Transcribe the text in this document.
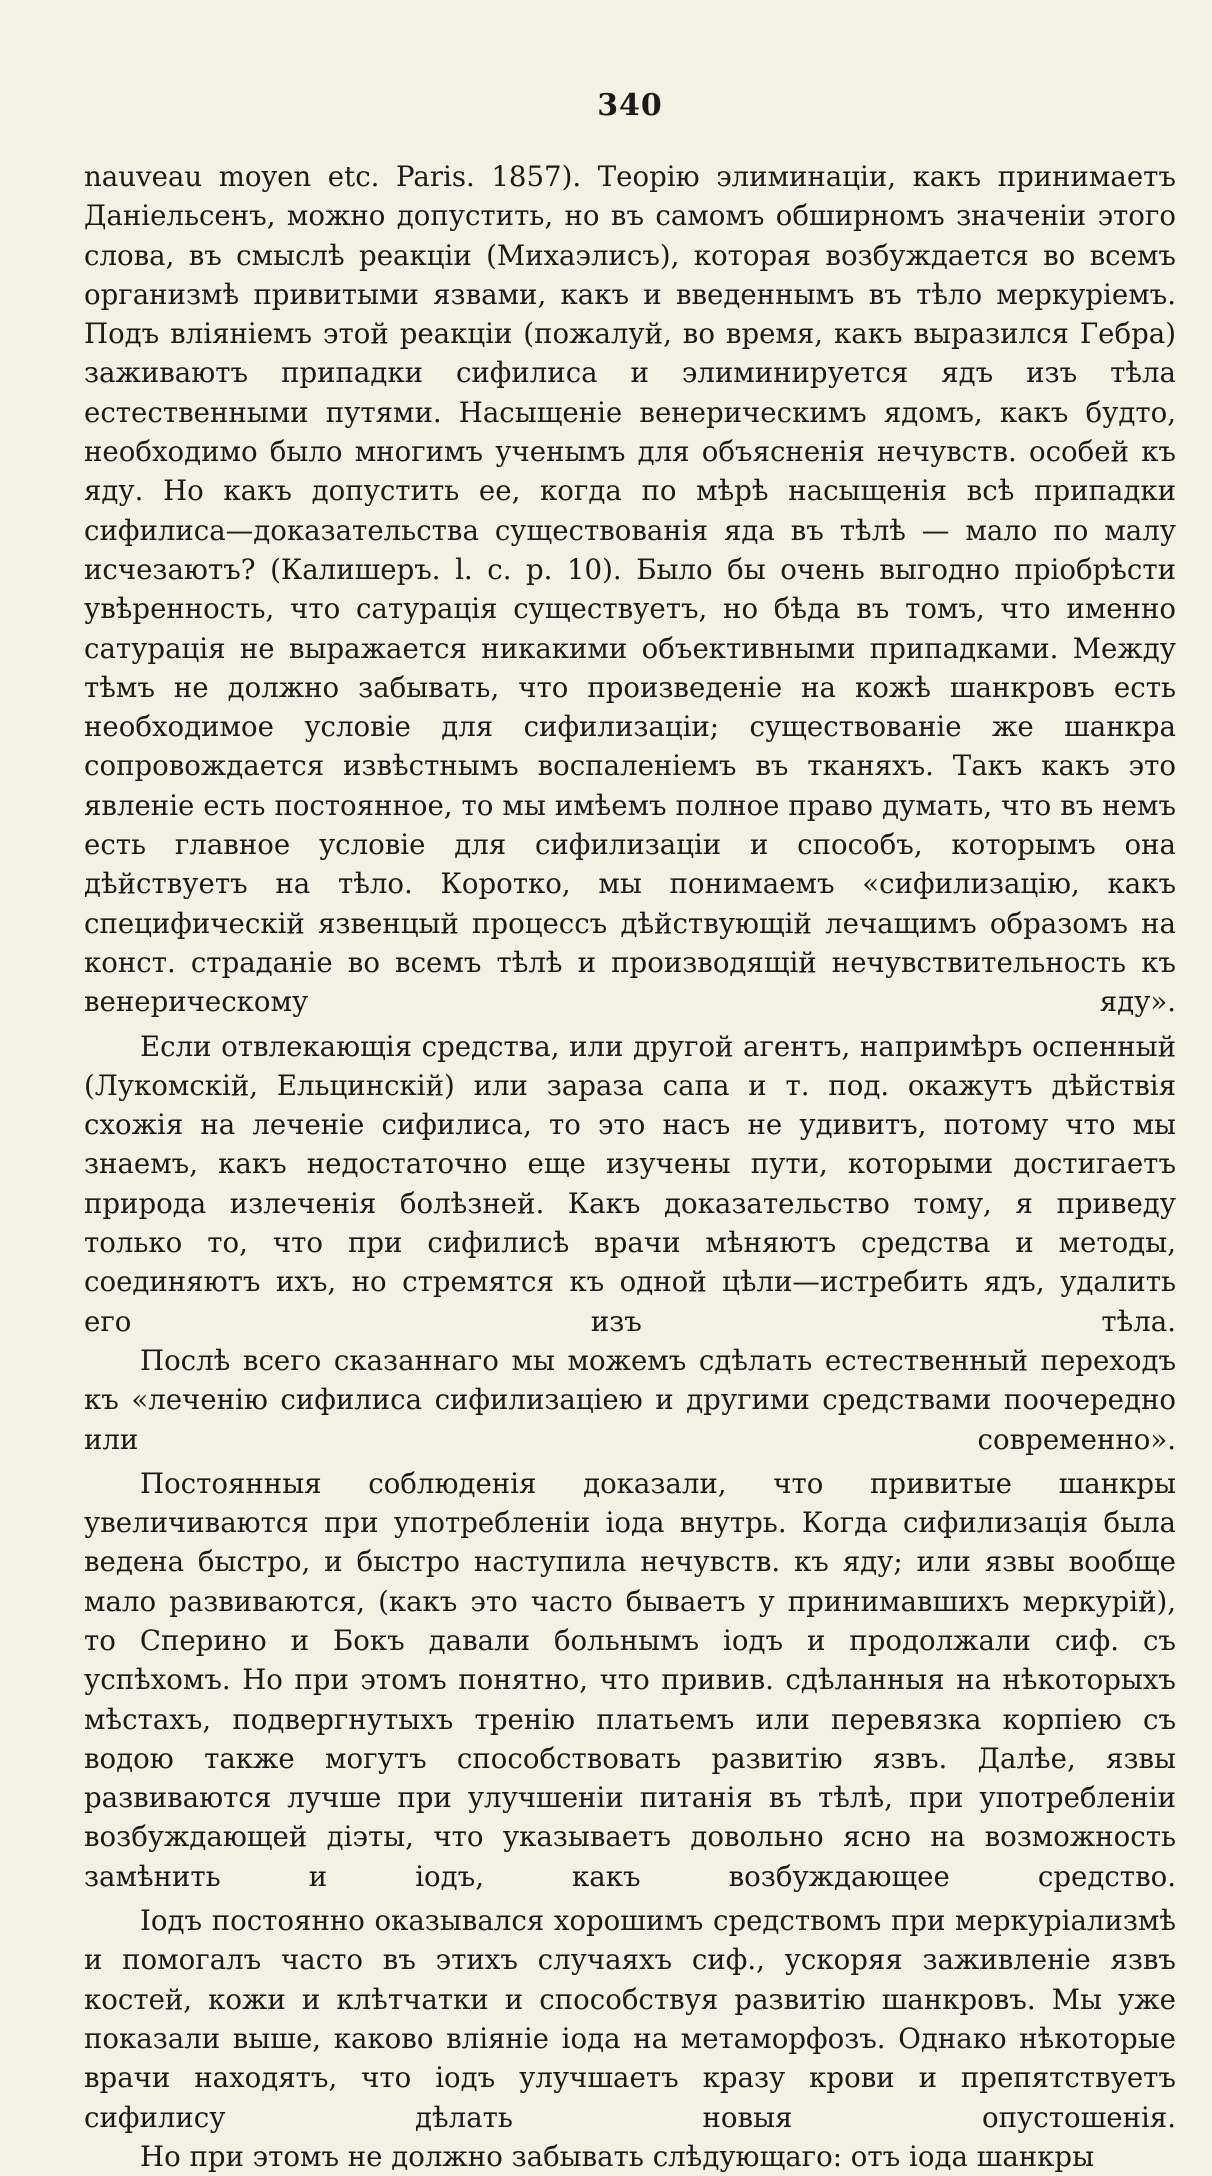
340

nauveau moyen etc. Paris. 1857). Теорію элиминаціи, какъ принимаетъ Даніельсенъ, можно допустить, но въ самомъ обширномъ значеніи этого слова, въ смыслѣ реакціи (Михаэлисъ), которая возбуждается во всемъ организмѣ привитыми язвами, какъ и введеннымъ въ тѣло меркуріемъ. Подъ вліяніемъ этой реакціи (пожалуй, во время, какъ выразился Гебра) заживаютъ припадки сифилиса и элиминируется ядъ изъ тѣла естественными путями. Насыщеніе венерическимъ ядомъ, какъ будто, необходимо было многимъ ученымъ для объясненія нечувств. особей къ яду. Но какъ допустить ее, когда по мѣрѣ насыщенія всѣ припадки сифилиса—доказательства существованія яда въ тѣлѣ — мало по малу исчезаютъ? (Калишеръ. l. c. p. 10). Было бы очень выгодно пріобрѣсти увѣренность, что сатурація существуетъ, но бѣда въ томъ, что именно сатурація не выражается никакими объективными припадками. Между тѣмъ не должно забывать, что произведеніе на кожѣ шанкровъ есть необходимое условіе для сифилизаціи; существованіе же шанкра сопровождается извѣстнымъ воспаленіемъ въ тканяхъ. Такъ какъ это явленіе есть постоянное, то мы имѣемъ полное право думать, что въ немъ есть главное условіе для сифилизаціи и способъ, которымъ она дѣйствуетъ на тѣло. Коротко, мы понимаемъ «сифилизацію, какъ специфическій язвенцый процессъ дѣйствующій лечащимъ образомъ на конст. страданіе во всемъ тѣлѣ и производящій нечувствительность къ венерическому яду».

Если отвлекающія средства, или другой агентъ, напримѣръ оспенный (Лукомскій, Ельцинскій) или зараза сапа и т. под. окажутъ дѣйствія схожія на леченіе сифилиса, то это насъ не удивитъ, потому что мы знаемъ, какъ недостаточно еще изучены пути, которыми достигаетъ природа излеченія болѣзней. Какъ доказательство тому, я приведу только то, что при сифилисѣ врачи мѣняютъ средства и методы, соединяютъ ихъ, но стремятся къ одной цѣли—истребить ядъ, удалить его изъ тѣла.

Послѣ всего сказаннаго мы можемъ сдѣлать естественный переходъ къ «леченію сифилиса сифилизаціею и другими средствами поочередно или современно».

Постоянныя соблюденія доказали, что привитые шанкры увеличиваются при употребленіи іода внутрь. Когда сифилизація была ведена быстро, и быстро наступила нечувств. къ яду; или язвы вообще мало развиваются, (какъ это часто бываетъ у принимавшихъ меркурій), то Сперино и Бокъ давали больнымъ іодъ и продолжали сиф. съ успѣхомъ. Но при этомъ понятно, что привив. сдѣланныя на нѣкоторыхъ мѣстахъ, подвергнутыхъ тренію платьемъ или перевязка корпіею съ водою также могутъ способствовать развитію язвъ. Далѣе, язвы развиваются лучше при улучшеніи питанія въ тѣлѣ, при употребленіи возбуждающей діэты, что указываетъ довольно ясно на возможность замѣнить и іодъ, какъ возбуждающее средство.

Іодъ постоянно оказывался хорошимъ средствомъ при меркуріализмѣ и помогалъ часто въ этихъ случаяхъ сиф., ускоряя заживленіе язвъ костей, кожи и клѣтчатки и способствуя развитію шанкровъ. Мы уже показали выше, каково вліяніе іода на метаморфозъ. Однако нѣкоторые врачи находятъ, что іодъ улучшаетъ кразу крови и препятствуетъ сифилису дѣлать новыя опустошенія.

Но при этомъ не должно забывать слѣдующаго: отъ іода шанкры
